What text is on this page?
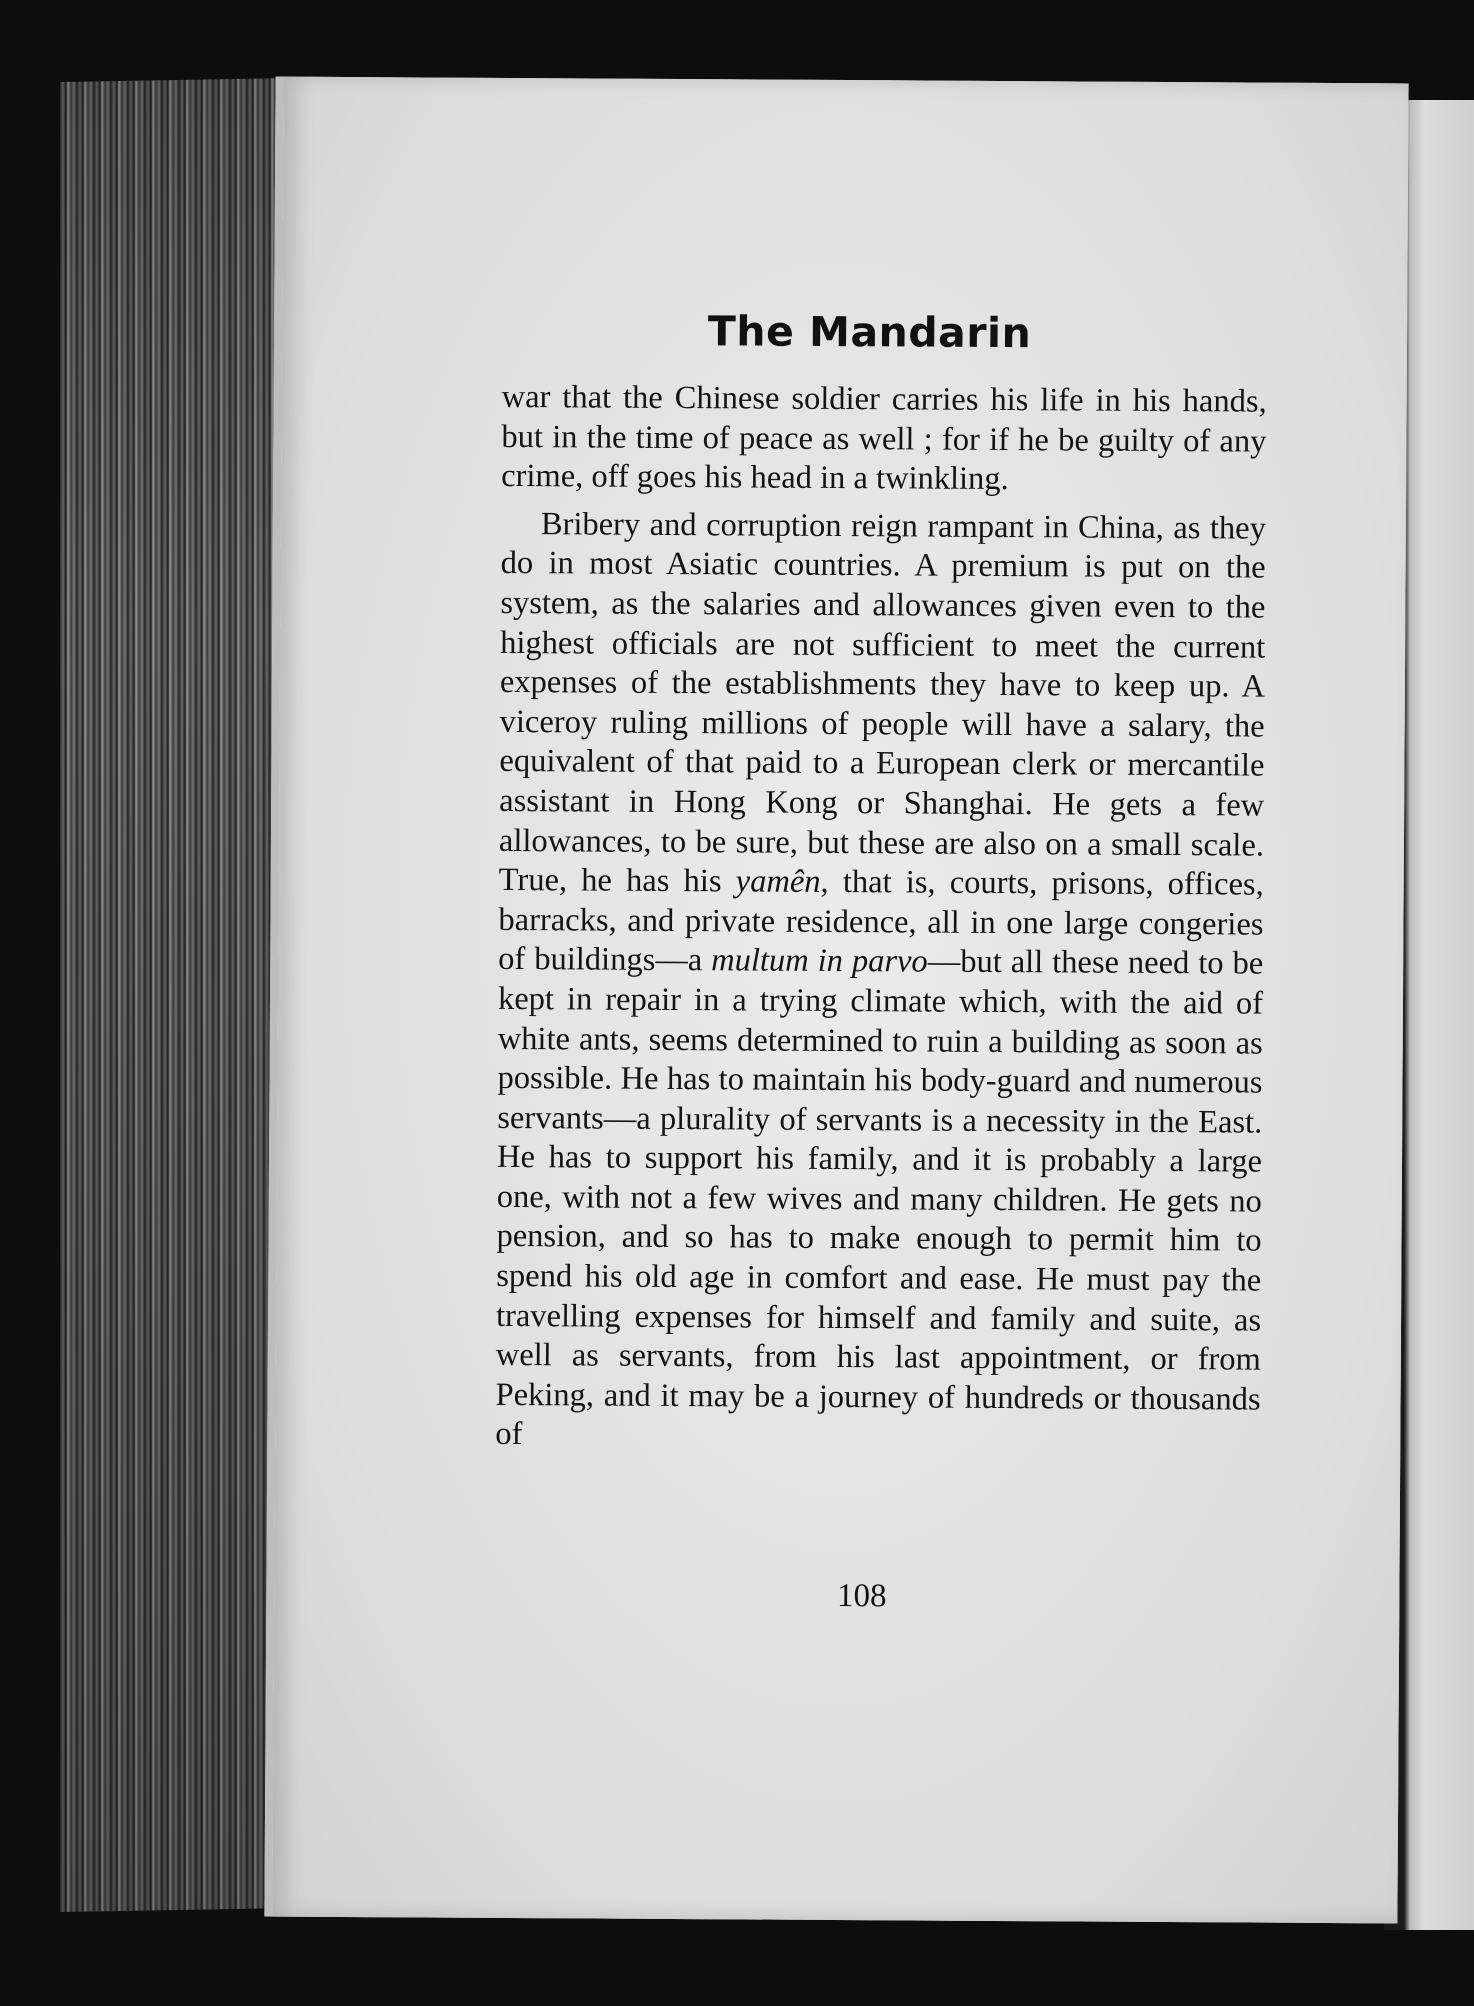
The Mandarin

war that the Chinese soldier carries his life in his hands, but in the time of peace as well ; for if he be guilty of any crime, off goes his head in a twinkling.

Bribery and corruption reign rampant in China, as they do in most Asiatic countries. A premium is put on the system, as the salaries and allowances given even to the highest officials are not sufficient to meet the current expenses of the establishments they have to keep up. A viceroy ruling millions of people will have a salary, the equivalent of that paid to a European clerk or mercantile assistant in Hong Kong or Shanghai. He gets a few allowances, to be sure, but these are also on a small scale. True, he has his yamên, that is, courts, prisons, offices, barracks, and private residence, all in one large congeries of buildings—a multum in parvo—but all these need to be kept in repair in a trying climate which, with the aid of white ants, seems determined to ruin a building as soon as possible. He has to maintain his body-guard and numerous servants—a plurality of servants is a necessity in the East. He has to support his family, and it is probably a large one, with not a few wives and many children. He gets no pension, and so has to make enough to permit him to spend his old age in comfort and ease. He must pay the travelling expenses for himself and family and suite, as well as servants, from his last appointment, or from Peking, and it may be a journey of hundreds or thousands of

108
